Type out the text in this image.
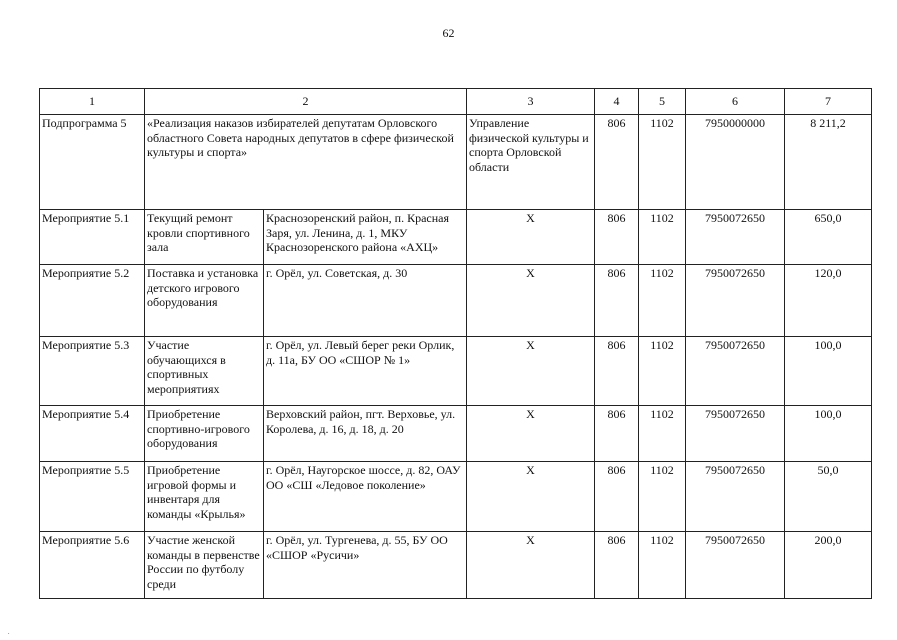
62
1	2		3	4	5	6	7
Подпрограмма 5	«Реализация наказов избирателей депутатам Орловского областного Совета народных депутатов в сфере физической культуры и спорта»		Управление физической культуры и спорта Орловской области	806	1102	7950000000	8 211,2
Мероприятие 5.1	Текущий ремонт кровли спортивного зала	Краснозоренский район, п. Красная Заря, ул. Ленина, д. 1, МКУ Краснозоренского района «АХЦ»	Х	806	1102	7950072650	650,0
Мероприятие 5.2	Поставка и установка детского игрового оборудования	г. Орёл, ул. Советская, д. 30	Х	806	1102	7950072650	120,0
Мероприятие 5.3	Участие обучающихся в спортивных мероприятиях	г. Орёл, ул. Левый берег реки Орлик, д. 11а, БУ ОО «СШОР № 1»	Х	806	1102	7950072650	100,0
Мероприятие 5.4	Приобретение спортивно-игрового оборудования	Верховский район, пгт. Верховье, ул. Королева, д. 16, д. 18, д. 20	Х	806	1102	7950072650	100,0
Мероприятие 5.5	Приобретение игровой формы и инвентаря для команды «Крылья»	г. Орёл, Наугорское шоссе, д. 82, ОАУ ОО «СШ «Ледовое поколение»	Х	806	1102	7950072650	50,0
Мероприятие 5.6	Участие женской команды в первенстве России по футболу среди	г. Орёл, ул. Тургенева, д. 55, БУ ОО «СШОР «Русичи»	Х	806	1102	7950072650	200,0
.
